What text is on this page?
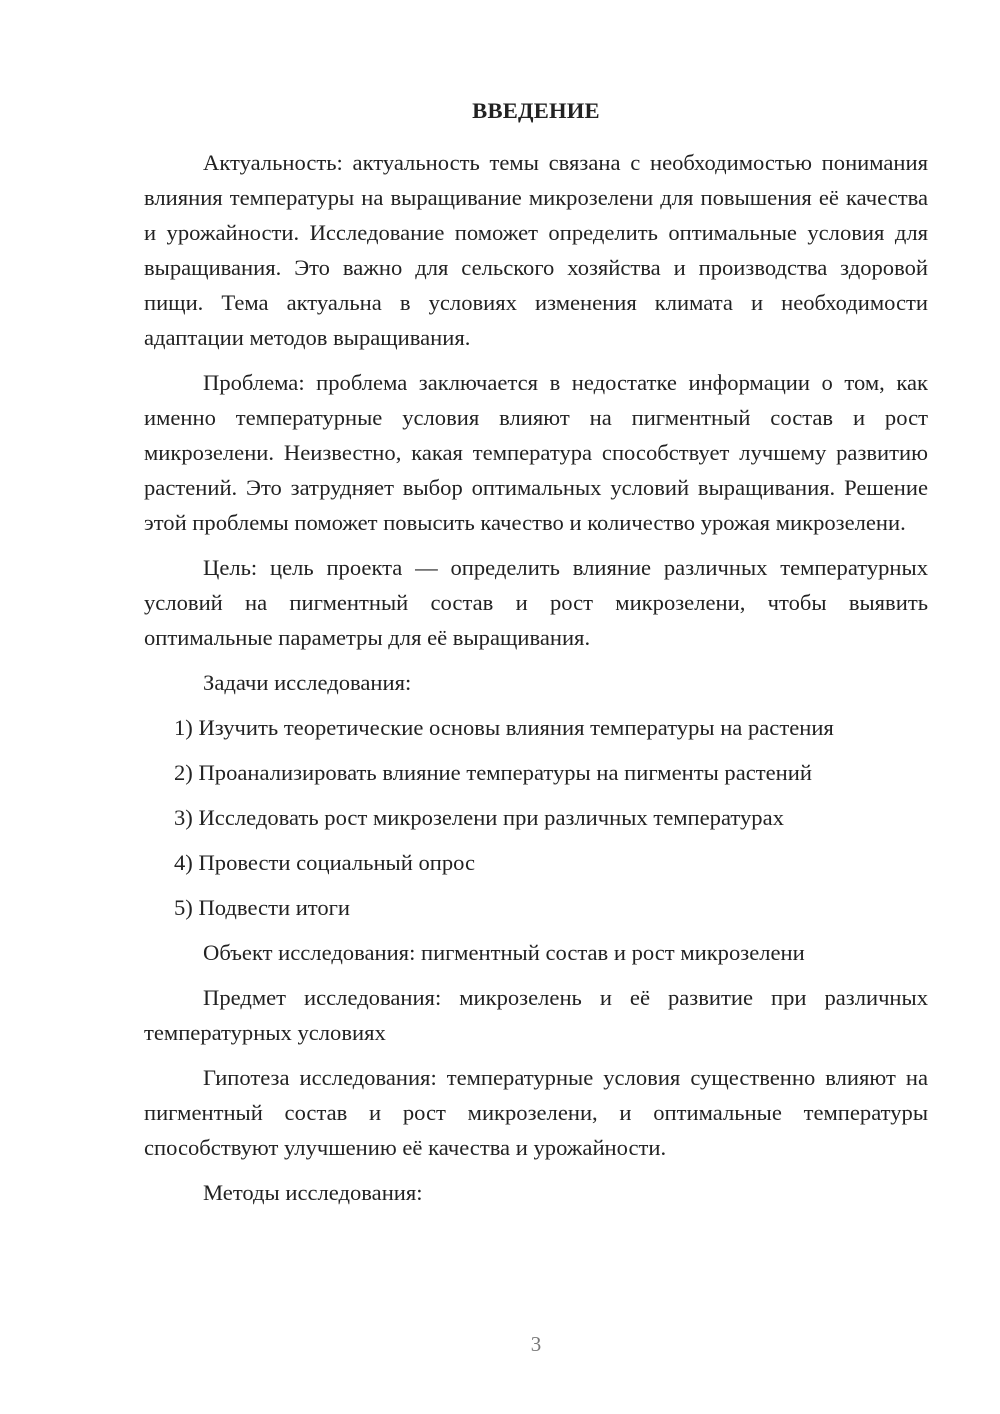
ВВЕДЕНИЕ

Актуальность: актуальность темы связана с необходимостью понимания влияния температуры на выращивание микрозелени для повышения её качества и урожайности. Исследование поможет определить оптимальные условия для выращивания. Это важно для сельского хозяйства и производства здоровой пищи. Тема актуальна в условиях изменения климата и необходимости адаптации методов выращивания.

Проблема: проблема заключается в недостатке информации о том, как именно температурные условия влияют на пигментный состав и рост микрозелени. Неизвестно, какая температура способствует лучшему развитию растений. Это затрудняет выбор оптимальных условий выращивания. Решение этой проблемы поможет повысить качество и количество урожая микрозелени.

Цель: цель проекта — определить влияние различных температурных условий на пигментный состав и рост микрозелени, чтобы выявить оптимальные параметры для её выращивания.

Задачи исследования:

1) Изучить теоретические основы влияния температуры на растения
2) Проанализировать влияние температуры на пигменты растений
3) Исследовать рост микрозелени при различных температурах
4) Провести социальный опрос
5) Подвести итоги

Объект исследования: пигментный состав и рост микрозелени

Предмет исследования: микрозелень и её развитие при различных температурных условиях

Гипотеза исследования: температурные условия существенно влияют на пигментный состав и рост микрозелени, и оптимальные температуры способствуют улучшению её качества и урожайности.

Методы исследования:

3
